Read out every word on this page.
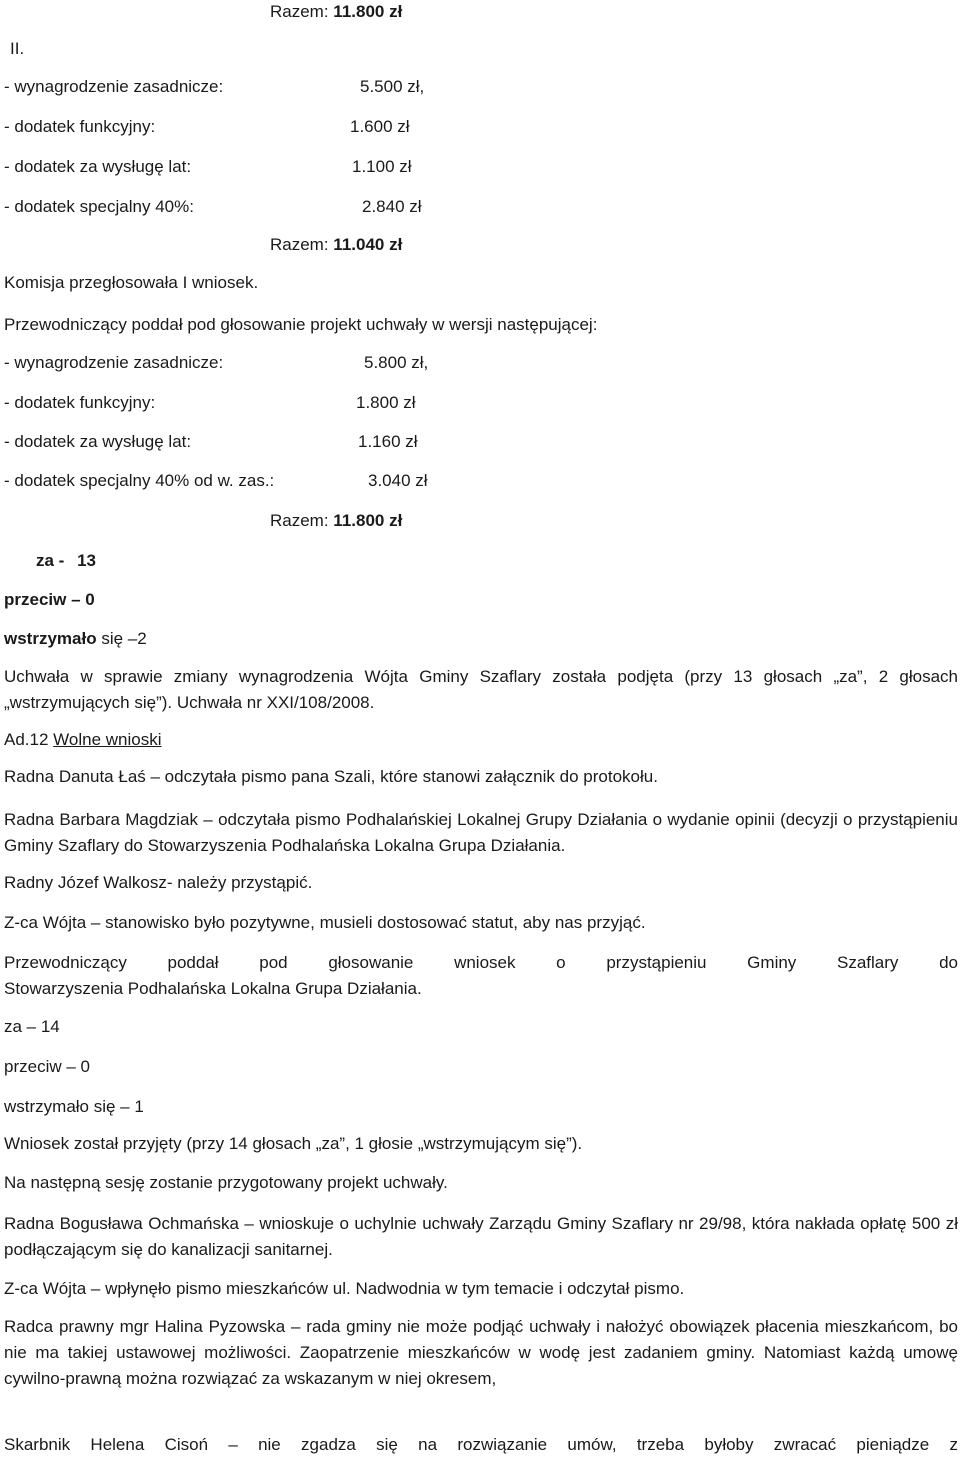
Razem: 11.800 zł
II.
- wynagrodzenie zasadnicze:	5.500 zł,
- dodatek funkcyjny:	1.600 zł
- dodatek za wysługę lat:	1.100 zł
- dodatek specjalny 40%:	2.840 zł
Razem: 11.040 zł
Komisja przegłosowała I wniosek.
Przewodniczący poddał pod głosowanie projekt uchwały w wersji następującej:
- wynagrodzenie zasadnicze:	5.800 zł,
- dodatek funkcyjny:	1.800 zł
- dodatek za wysługę lat:	1.160 zł
- dodatek specjalny 40% od w. zas.:	3.040 zł
Razem: 11.800 zł
za - 13
przeciw – 0
wstrzymało się –2
Uchwała w sprawie zmiany wynagrodzenia Wójta Gminy Szaflary została podjęta (przy 13 głosach „za”, 2 głosach „wstrzymujących się”). Uchwała nr XXI/108/2008.
Ad.12 Wolne wnioski
Radna Danuta Łaś – odczytała pismo pana Szali, które stanowi załącznik do protokołu.
Radna Barbara Magdziak – odczytała pismo Podhalańskiej Lokalnej Grupy Działania o wydanie opinii (decyzji o przystąpieniu Gminy Szaflary do Stowarzyszenia Podhalańska Lokalna Grupa Działania.
Radny Józef Walkosz- należy przystąpić.
Z-ca Wójta – stanowisko było pozytywne, musieli dostosować statut, aby nas przyjąć.
Przewodniczący poddał pod głosowanie wniosek o przystąpieniu Gminy Szaflary do
Stowarzyszenia Podhalańska Lokalna Grupa Działania.
za – 14
przeciw – 0
wstrzymało się – 1
Wniosek został przyjęty (przy 14 głosach „za”, 1 głosie „wstrzymującym się”).
Na następną sesję zostanie przygotowany projekt uchwały.
Radna Bogusława Ochmańska – wnioskuje o uchylnie uchwały Zarządu Gminy Szaflary nr 29/98, która nakłada opłatę 500 zł podłączającym się do kanalizacji sanitarnej.
Z-ca Wójta – wpłynęło pismo mieszkańców ul. Nadwodnia w tym temacie i odczytał pismo.
Radca prawny mgr Halina Pyzowska – rada gminy nie może podjąć uchwały i nałożyć obowiązek płacenia mieszkańcom, bo nie ma takiej ustawowej możliwości. Zaopatrzenie mieszkańców w wodę jest zadaniem gminy. Natomiast każdą umowę cywilno-prawną można rozwiązać za wskazanym w niej okresem,
Skarbnik Helena Cisoń – nie zgadza się na rozwiązanie umów, trzeba byłoby zwracać pieniądze z
